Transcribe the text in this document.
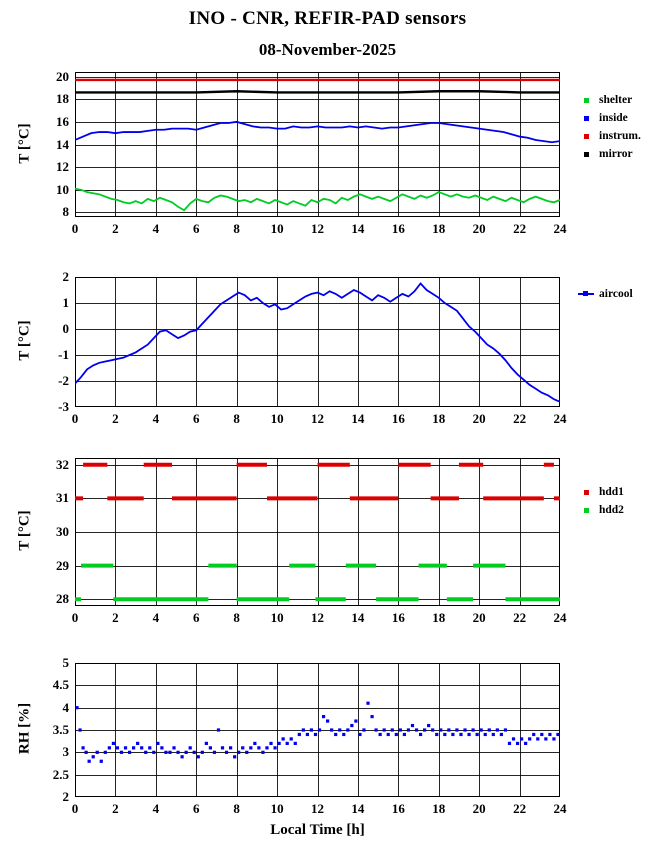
INO - CNR, REFIR-PAD sensors
08-November-2025
0	2	4	6	8	10	12	14	16	18	20	22	24
8
10
12
14
16
18
20
T [°C]
shelter
inside
instrum.
mirror
0	2	4	6	8	10	12	14	16	18	20	22	24
-3
-2
-1
0
1
2
T [°C]
aircool
0	2	4	6	8	10	12	14	16	18	20	22	24
28
29
30
31
32
T [°C]
hdd1
hdd2
0	2	4	6	8	10	12	14	16	18	20	22	24
2
2.5
3
3.5
4
4.5
5
RH [%]
Local Time [h]
